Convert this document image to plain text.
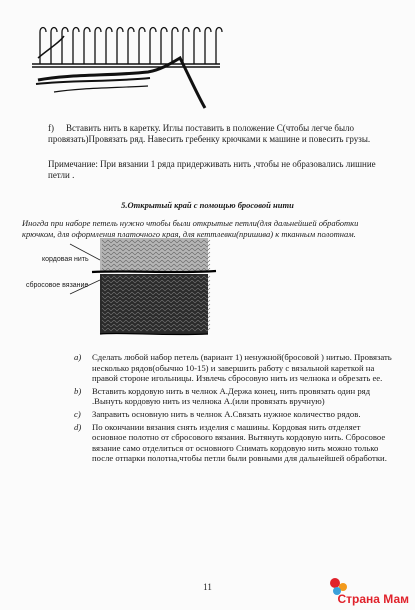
f) Вставить нить в каретку. Иглы поставить в положение С(чтобы легче было провязать)Провязать ряд. Навесить гребенку крючками к машине и повесить грузы.
Примечание: При вязании 1 ряда придерживать нить ,чтобы не образовались лишние петли .
5.Открытый край с помощью бросовой нити
Иногда при наборе петель нужно чтобы были открытые петли(для дальнейшей обработки крючком, для оформления платочного края, для кеттлевки(пришива) к тканным полотнам.
кордовая нить
сбросовое вязание
a) Сделать любой набор петель (вариант 1) ненужной(бросовой ) нитью. Провязать несколько рядов(обычно 10-15) и завершить работу с вязальной кареткой на правой стороне игольницы. Извлечь сбросовую нить из челнока и обрезать ее.
b) Вставить кордовую нить в челнок А.Держа конец, нить провязать один ряд .Вынуть кордовую нить из челнока А.(или провязать вручную)
c) Заправить основную нить в челнок А.Связать нужное количество рядов.
d) По окончании вязания снять изделия с машины. Кордовая нить отделяет основное полотно от сбросового вязания. Вытянуть кордовую нить. Сбросовое вязание само отделиться от основного Снимать кордовую нить можно только после отпарки полотна,чтобы петли были ровными для дальнейшей обработки.
11
Страна Мам
